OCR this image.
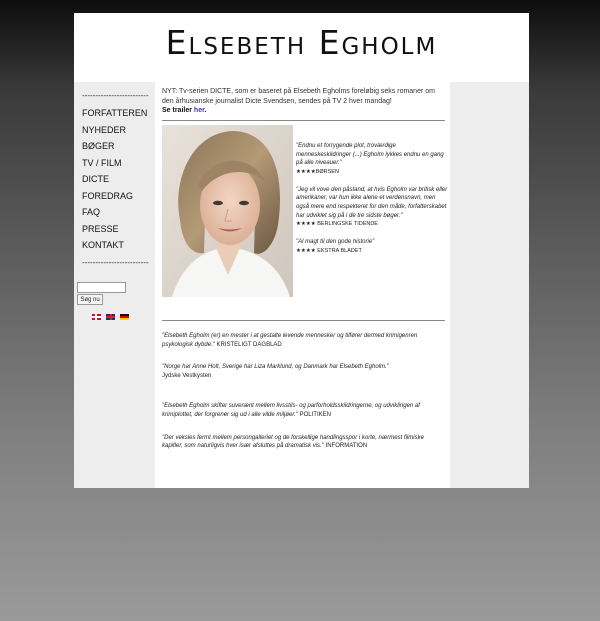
Elsebeth Egholm
-------------------------
FORFATTEREN
NYHEDER
BØGER
TV / FILM
DICTE
FOREDRAG
FAQ
PRESSE
KONTAKT
-------------------------
Søg nu

NYT: Tv-serien DICTE, som er baseret på Elsebeth Egholms foreløbig seks romaner om den århusianske journalist Dicte Svendsen, sendes på TV 2 hver mandag!

Se trailer her.

"Endnu et forrygende plot, troværdige menneskeskildringer (...) Egholm lykkes endnu en gang på alle niveauer."

★★★★BØRSEN

"Jeg vil vove den påstand, at hvis Egholm var britisk eller amerikaner, var hun ikke alene et verdensnavn, men også mere end respekteret for den måde, forfatterskabet har udviklet sig på i de tre sidste bøger."

★★★★ BERLINGSKE TIDENDE

"Al magt til den gode historie"

★★★★ EKSTRA BLADET

"Elsebeth Egholm (er) en mester i at gestalte levende mennesker og tilfører dermed krimigenren psykologisk dybde." KRISTELIGT DAGBLAD

"Norge har Anne Holt, Sverige har Liza Marklund, og Danmark har Elsebeth Egholm."
Jydske Vestkysten

"Elsebeth Egholm skifter suverænt mellem livsstils- og parforholdsskildringerne, og udviklingen af krimiplottet, der forgrener sig ud i alle vilde miljøer." POLITIKEN

"Der veksles fermt mellem persongalleriet og de forskellige handlingsspor i korte, nærmest filmiske kapitler, som naturligvis hver især afsluttes på dramatisk vis." INFORMATION
